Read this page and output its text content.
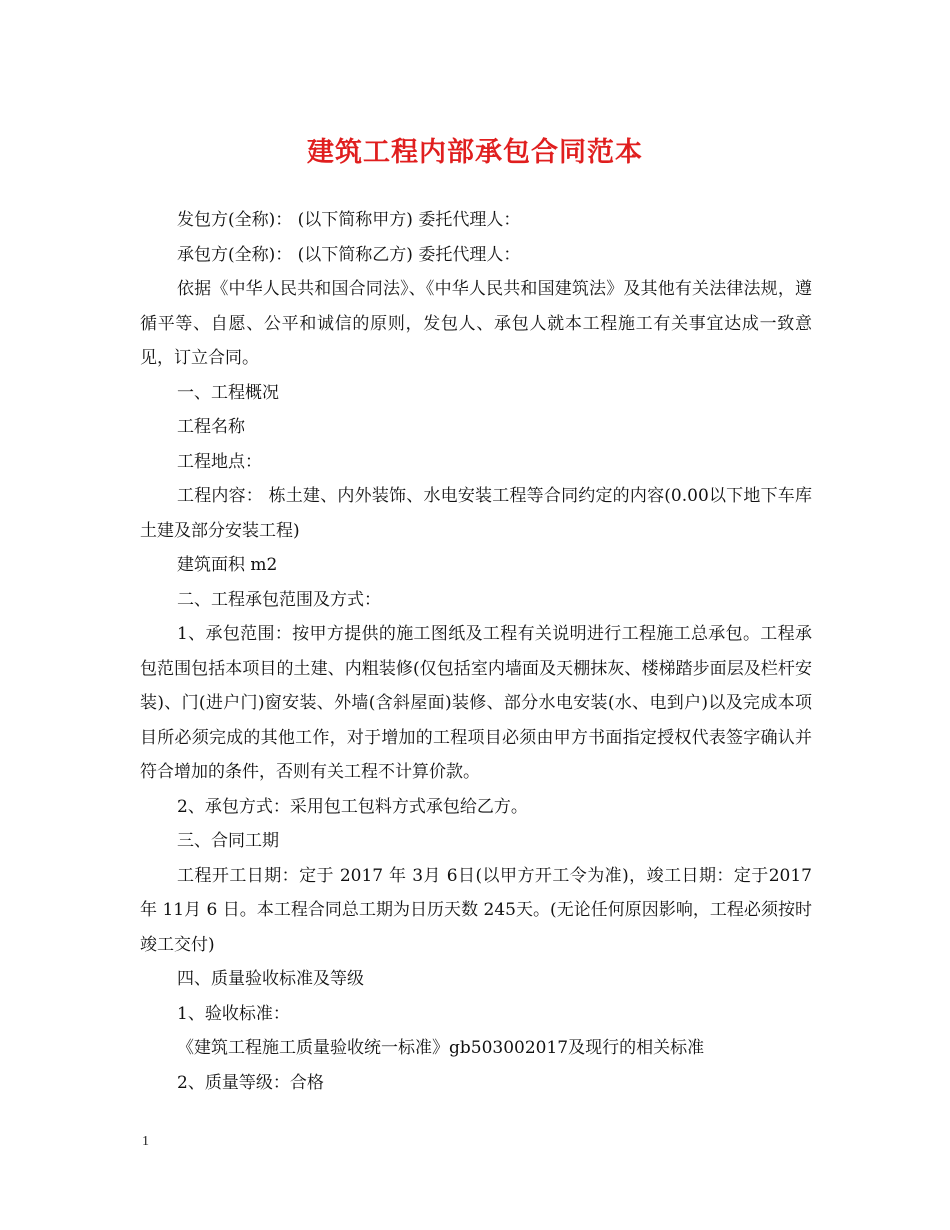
建筑工程内部承包合同范本

发包方(全称)： (以下简称甲方) 委托代理人：

承包方(全称)： (以下简称乙方) 委托代理人：

依据《中华人民共和国合同法》、《中华人民共和国建筑法》及其他有关法律法规，遵循平等、自愿、公平和诚信的原则，发包人、承包人就本工程施工有关事宜达成一致意见，订立合同。

一、工程概况

工程名称

工程地点：

工程内容： 栋土建、内外装饰、水电安装工程等合同约定的内容(0.00以下地下车库土建及部分安装工程)

建筑面积 m2

二、工程承包范围及方式：

1、承包范围：按甲方提供的施工图纸及工程有关说明进行工程施工总承包。工程承包范围包括本项目的土建、内粗装修(仅包括室内墙面及天棚抹灰、楼梯踏步面层及栏杆安装)、门(进户门)窗安装、外墙(含斜屋面)装修、部分水电安装(水、电到户)以及完成本项目所必须完成的其他工作，对于增加的工程项目必须由甲方书面指定授权代表签字确认并符合增加的条件，否则有关工程不计算价款。

2、承包方式：采用包工包料方式承包给乙方。

三、合同工期

工程开工日期：定于 2017 年 3月 6日(以甲方开工令为准)，竣工日期：定于2017年 11月 6 日。本工程合同总工期为日历天数 245天。(无论任何原因影响，工程必须按时竣工交付)

四、质量验收标准及等级

1、验收标准：

《建筑工程施工质量验收统一标准》gb503002017及现行的相关标准

2、质量等级：合格

1
